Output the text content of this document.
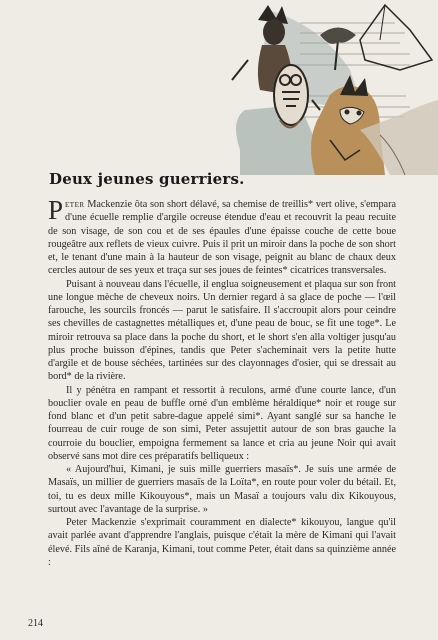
Deux jeunes guerriers.

Peter Mackenzie ôta son short délavé, sa chemise de treillis* vert olive, s'empara d'une écuelle remplie d'argile ocreuse étendue d'eau et recouvrit la peau recuite de son visage, de son cou et de ses épaules d'une épaisse couche de cette boue rougeâtre aux reflets de vieux cuivre. Puis il prit un miroir dans la poche de son short et, le tenant d'une main à la hauteur de son visage, peignit au blanc de chaux deux cercles autour de ses yeux et traça sur ses joues de feintes* cicatrices transversales.

Puisant à nouveau dans l'écuelle, il englua soigneusement et plaqua sur son front une longue mèche de cheveux noirs. Un dernier regard à sa glace de poche — l'œil farouche, les sourcils froncés — parut le satisfaire. Il s'accroupit alors pour ceindre ses chevilles de castagnettes métalliques et, d'une peau de bouc, se fit une toge*. Le miroir retrouva sa place dans la poche du short, et le short s'en alla voltiger jusqu'au plus proche buisson d'épines, tandis que Peter s'acheminait vers la petite hutte d'argile et de bouse séchées, tartinées sur des clayonnages d'osier, qui se dressait au bord* de la rivière.

Il y pénétra en rampant et ressortit à reculons, armé d'une courte lance, d'un bouclier ovale en peau de buffle orné d'un emblème héraldique* noir et rouge sur fond blanc et d'un petit sabre-dague appelé simi*. Ayant sanglé sur sa hanche le fourreau de cuir rouge de son simi, Peter assujettit autour de son bras gauche la courroie du bouclier, empoigna fermement sa lance et cria au jeune Noir qui avait observé sans mot dire ces préparatifs belliqueux :

« Aujourd'hui, Kimani, je suis mille guerriers masaïs*. Je suis une armée de Masaïs, un millier de guerriers masaïs de la Loïta*, en route pour voler du bétail. Et, toi, tu es deux mille Kikouyous*, mais un Masaï a toujours valu dix Kikouyous, surtout avec l'avantage de la surprise. »

Peter Mackenzie s'exprimait couramment en dialecte* kikouyou, langue qu'il avait parlée avant d'apprendre l'anglais, puisque c'était la mère de Kimani qui l'avait élevé. Fils aîné de Karanja, Kimani, tout comme Peter, était dans sa quinzième année :

214
